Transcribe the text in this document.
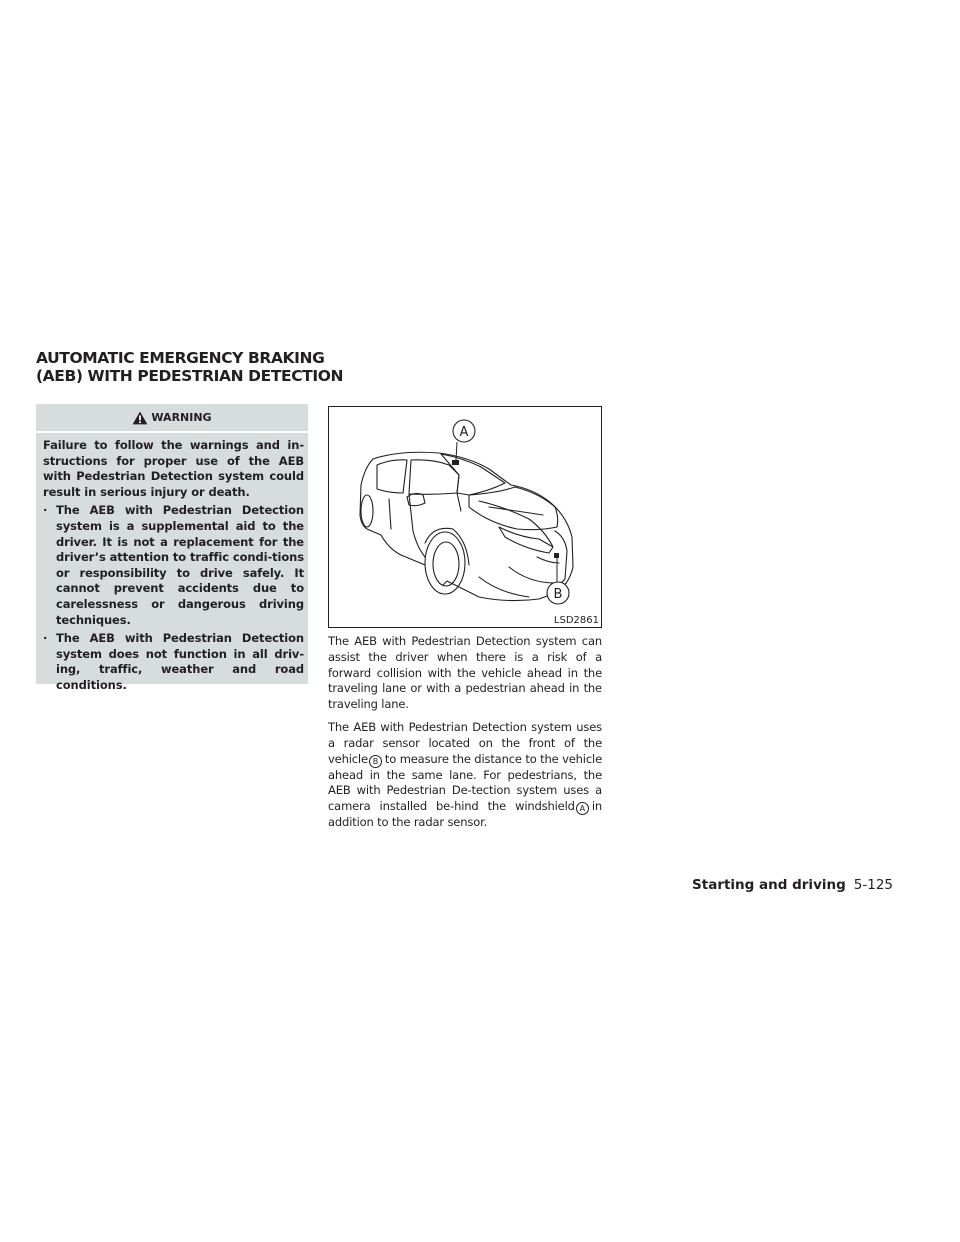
AUTOMATIC EMERGENCY BRAKING
(AEB) WITH PEDESTRIAN DETECTION
WARNING

Failure to follow the warnings and in-structions for proper use of the AEB with Pedestrian Detection system could result in serious injury or death.

· The AEB with Pedestrian Detection system is a supplemental aid to the driver. It is not a replacement for the driver’s attention to traffic condi-tions or responsibility to drive safely. It cannot prevent accidents due to carelessness or dangerous driving techniques.
· The AEB with Pedestrian Detection system does not function in all driv-ing, traffic, weather and road conditions.
A
B
LSD2861

The AEB with Pedestrian Detection system can assist the driver when there is a risk of a forward collision with the vehicle ahead in the traveling lane or with a pedestrian ahead in the traveling lane.

The AEB with Pedestrian Detection system uses a radar sensor located on the front of the vehicle B to measure the distance to the vehicle ahead in the same lane. For pedestrians, the AEB with Pedestrian De-tection system uses a camera installed be-hind the windshield A in addition to the radar sensor.

Starting and driving 5-125
